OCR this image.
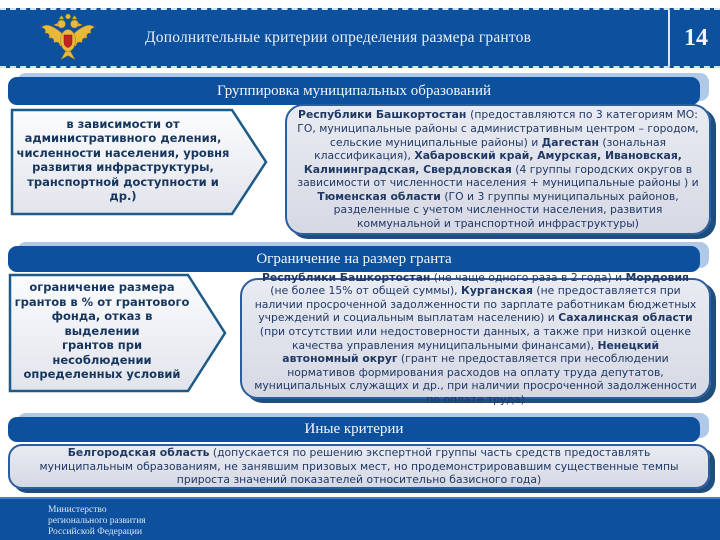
Дополнительные критерии определения размера грантов	14
Группировка муниципальных образований
в зависимости от
административного деления,
численности населения, уровня
развития инфраструктуры,
транспортной доступности и др.)
Республики Башкортостан (предоставляются по 3 категориям МО: ГО, муниципальные районы с административным центром – городом, сельские муниципальные районы) и Дагестан (зональная классификация), Хабаровский край, Амурская, Ивановская, Калининградская, Свердловская (4 группы городских округов в зависимости от численности населения + муниципальные районы ) и Тюменская области (ГО и 3 группы муниципальных районов, разделенные с учетом численности населения, развития коммунальной и транспортной инфраструктуры)
Ограничение на размер гранта
ограничение размера
грантов в % от грантового
фонда, отказ в выделении
грантов при
несоблюдении
определенных условий
Республики Башкортостан (не чаще одного раза в 2 года) и Мордовия (не более 15% от общей суммы), Курганская (не предоставляется при наличии просроченной задолженности по зарплате работникам бюджетных учреждений и социальным выплатам населению) и Сахалинская области (при отсутствии или недостоверности данных, а также при низкой оценке качества управления муниципальными финансами), Ненецкий автономный округ (грант не предоставляется при несоблюдении нормативов формирования расходов на оплату труда депутатов, муниципальных служащих и др., при наличии просроченной задолженности по оплате труда)
Иные критерии
Белгородская область (допускается по решению экспертной группы часть средств предоставлять муниципальным образованиям, не занявшим призовых мест, но продемонстрировавшим существенные темпы прироста значений показателей относительно базисного года)
Министерство
регионального развития
Российской Федерации
